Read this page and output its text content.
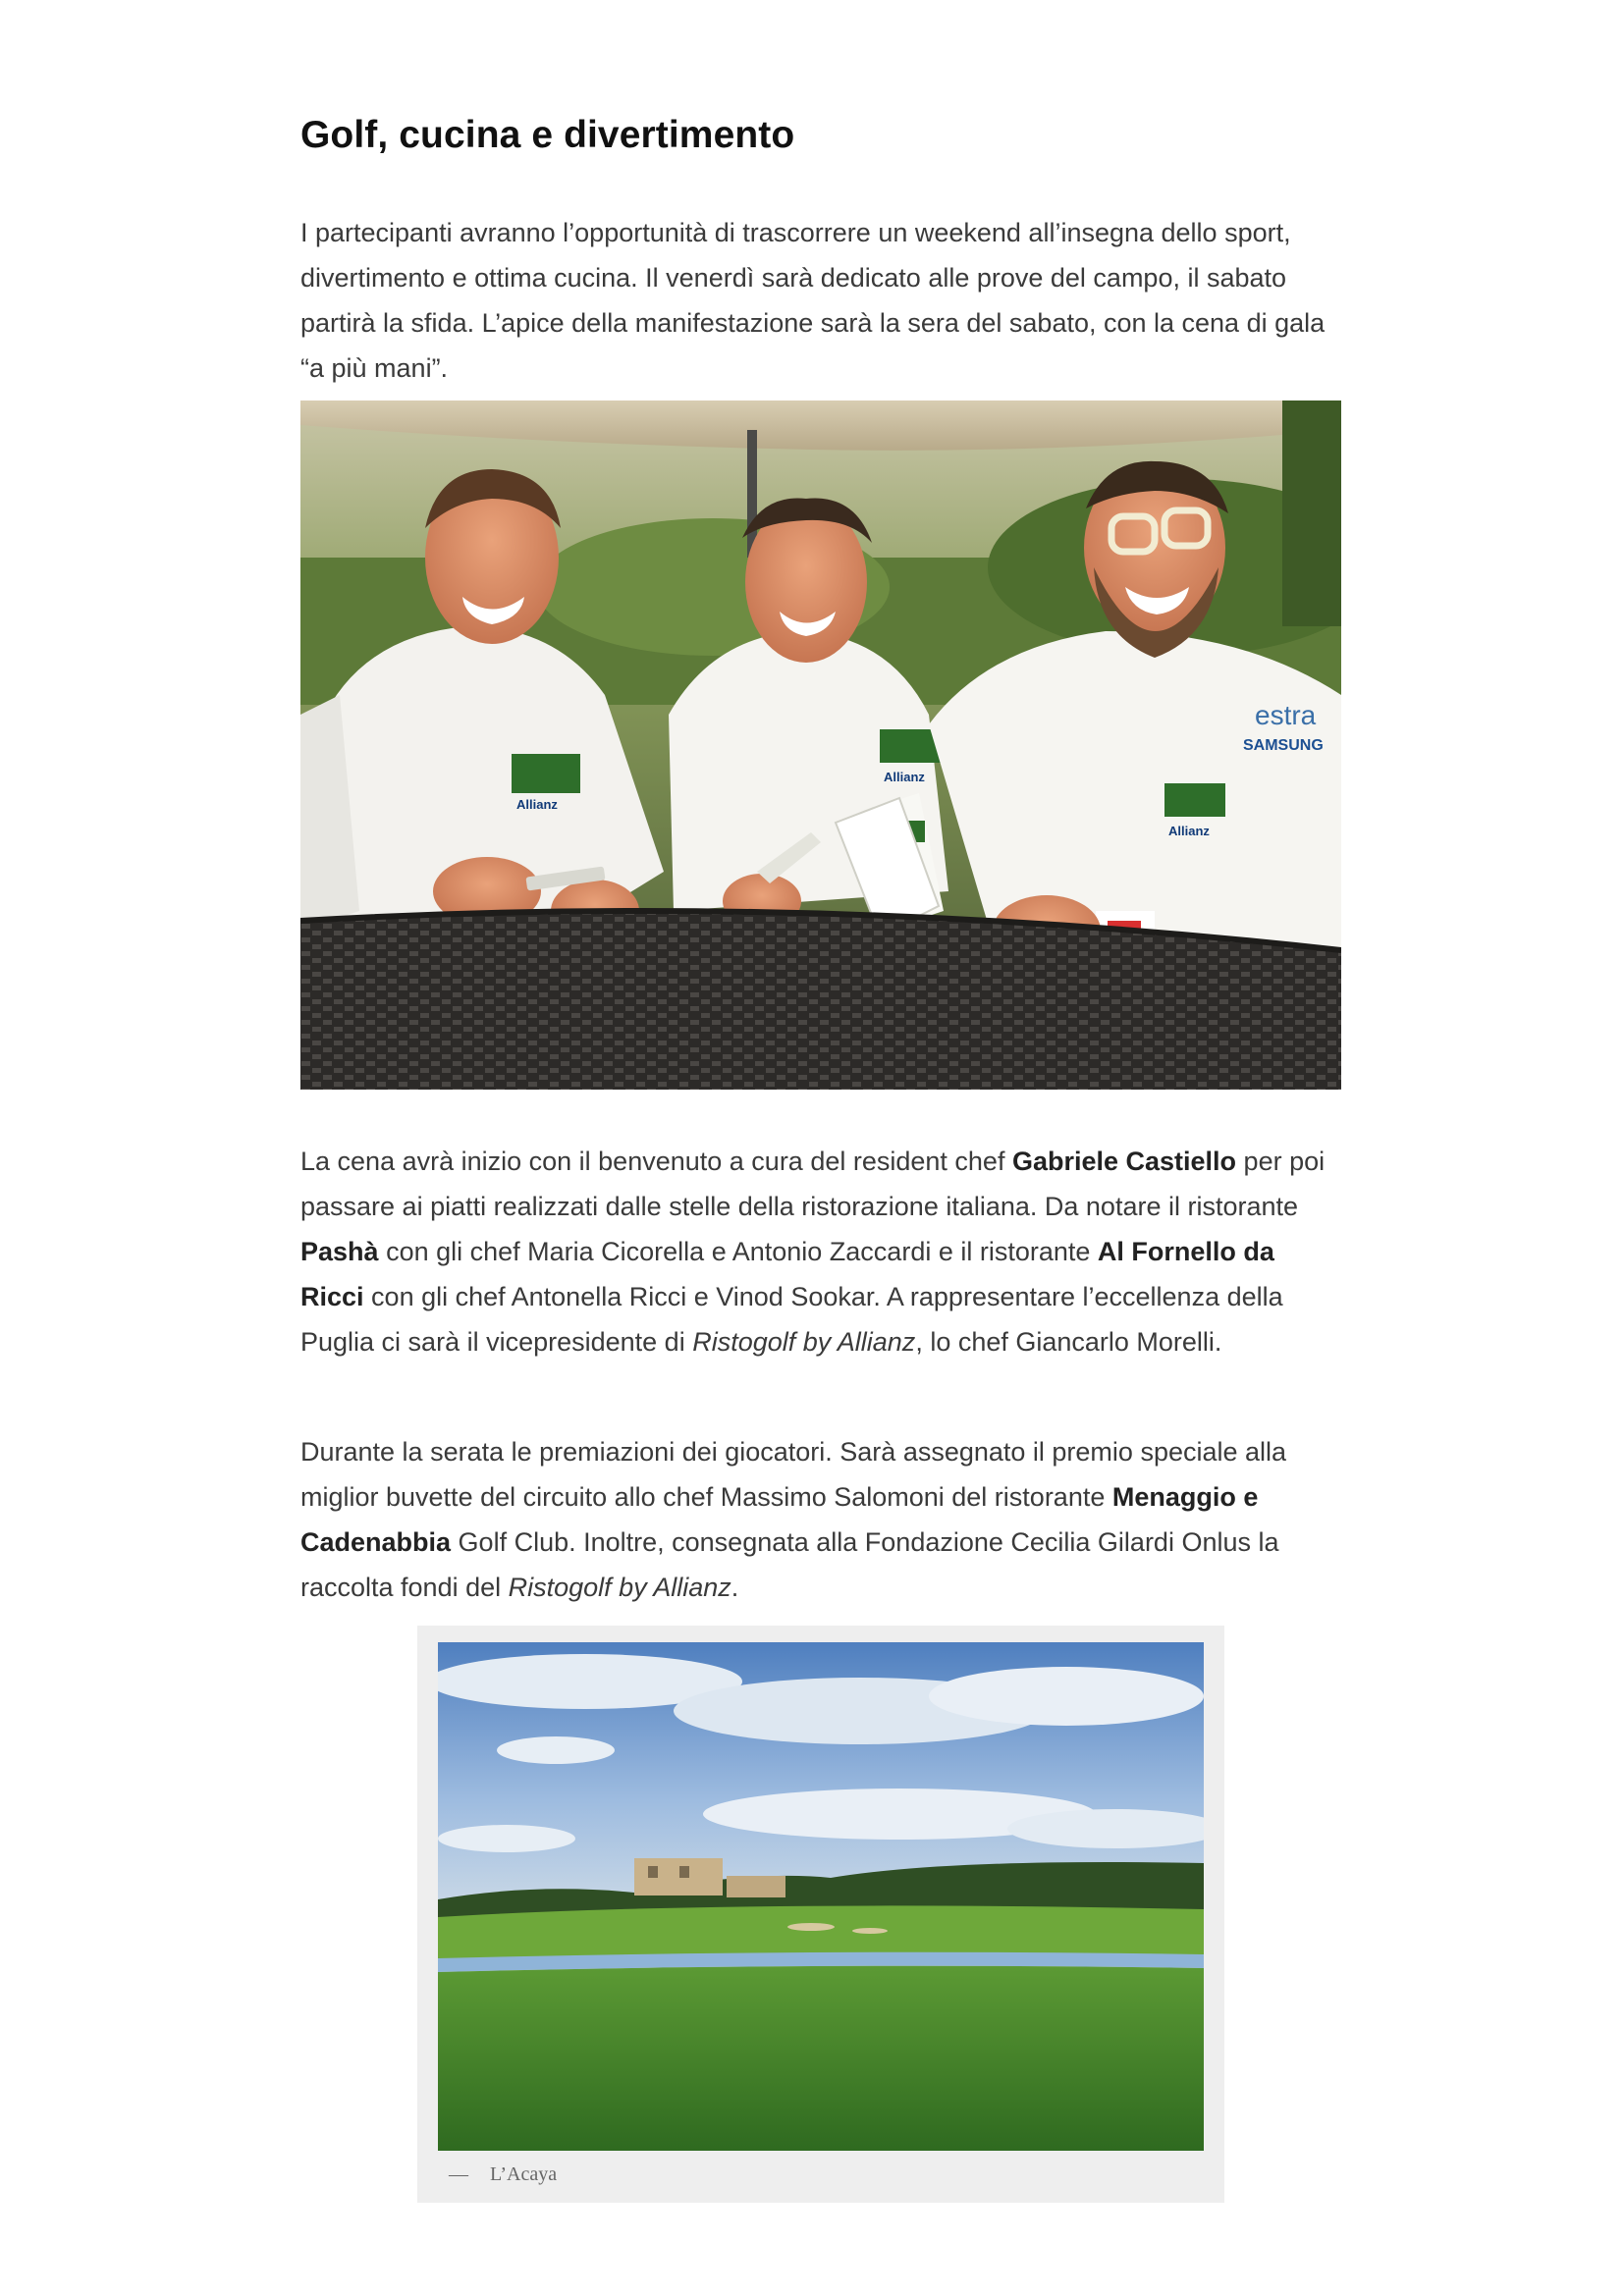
Golf, cucina e divertimento

I partecipanti avranno l’opportunità di trascorrere un weekend all’insegna dello sport, divertimento e ottima cucina. Il venerdì sarà dedicato alle prove del campo, il sabato partirà la sfida. L’apice della manifestazione sarà la sera del sabato, con la cena di gala “a più mani”.

estra
SAMSUNG
Allianz
Allianz
Allianz

La cena avrà inizio con il benvenuto a cura del resident chef Gabriele Castiello per poi passare ai piatti realizzati dalle stelle della ristorazione italiana. Da notare il ristorante Pashà con gli chef Maria Cicorella e Antonio Zaccardi e il ristorante Al Fornello da Ricci con gli chef Antonella Ricci e Vinod Sookar. A rappresentare l’eccellenza della Puglia ci sarà il vicepresidente di Ristogolf by Allianz, lo chef Giancarlo Morelli.

Durante la serata le premiazioni dei giocatori. Sarà assegnato il premio speciale alla miglior buvette del circuito allo chef Massimo Salomoni del ristorante Menaggio e Cadenabbia Golf Club. Inoltre, consegnata alla Fondazione Cecilia Gilardi Onlus la raccolta fondi del Ristogolf by Allianz.

— L’Acaya
